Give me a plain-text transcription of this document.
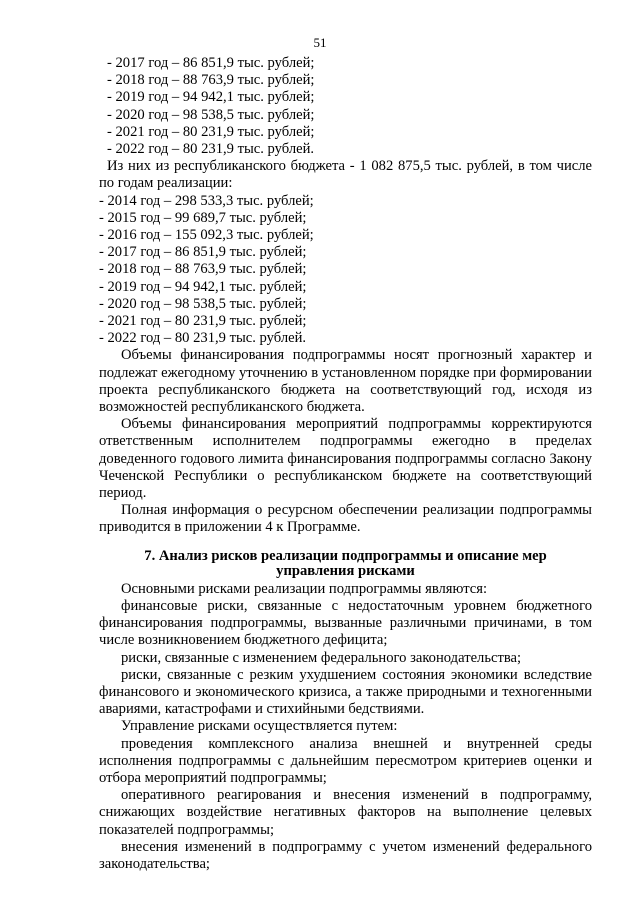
51
- 2017 год – 86 851,9 тыс. рублей;
- 2018 год – 88 763,9 тыс. рублей;
- 2019 год – 94 942,1 тыс. рублей;
- 2020 год – 98 538,5 тыс. рублей;
- 2021 год – 80 231,9 тыс. рублей;
- 2022 год – 80 231,9 тыс. рублей.
Из них из республиканского бюджета - 1 082 875,5 тыс. рублей, в том числе по годам реализации:
- 2014 год – 298 533,3 тыс. рублей;
- 2015 год – 99 689,7 тыс. рублей;
- 2016 год – 155 092,3 тыс. рублей;
- 2017 год – 86 851,9 тыс. рублей;
- 2018 год – 88 763,9 тыс. рублей;
- 2019 год – 94 942,1 тыс. рублей;
- 2020 год – 98 538,5 тыс. рублей;
- 2021 год – 80 231,9 тыс. рублей;
- 2022 год – 80 231,9 тыс. рублей.
Объемы финансирования подпрограммы носят прогнозный характер и подлежат ежегодному уточнению в установленном порядке при формировании проекта республиканского бюджета на соответствующий год, исходя из возможностей республиканского бюджета.
Объемы финансирования мероприятий подпрограммы корректируются ответственным исполнителем подпрограммы ежегодно в пределах доведенного годового лимита финансирования подпрограммы согласно Закону Чеченской Республики о республиканском бюджете на соответствующий период.
Полная информация о ресурсном обеспечении реализации подпрограммы приводится в приложении 4 к Программе.
7. Анализ рисков реализации подпрограммы и описание мер
управления рисками
Основными рисками реализации подпрограммы являются:
финансовые риски, связанные с недостаточным уровнем бюджетного финансирования подпрограммы, вызванные различными причинами, в том числе возникновением бюджетного дефицита;
риски, связанные с изменением федерального законодательства;
риски, связанные с резким ухудшением состояния экономики вследствие финансового и экономического кризиса, а также природными и техногенными авариями, катастрофами и стихийными бедствиями.
Управление рисками осуществляется путем:
проведения комплексного анализа внешней и внутренней среды исполнения подпрограммы с дальнейшим пересмотром критериев оценки и отбора мероприятий подпрограммы;
оперативного реагирования и внесения изменений в подпрограмму, снижающих воздействие негативных факторов на выполнение целевых показателей подпрограммы;
внесения изменений в подпрограмму с учетом изменений федерального законодательства;
